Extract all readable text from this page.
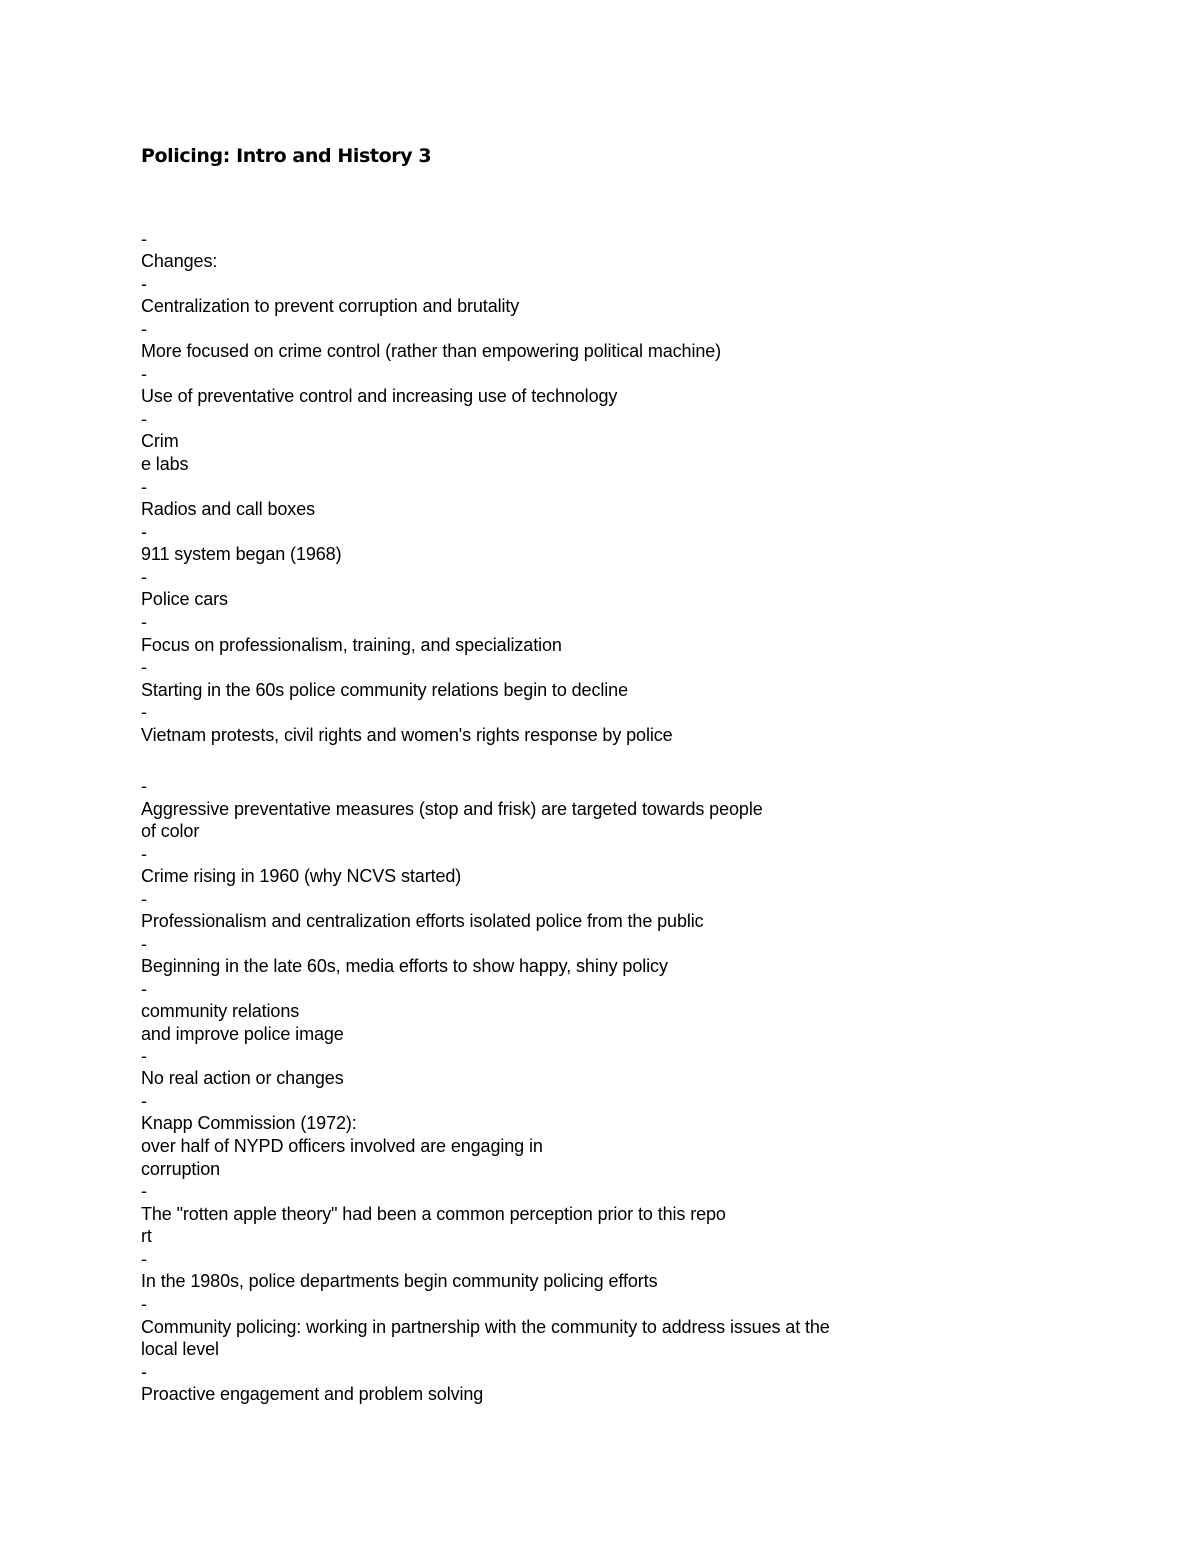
Policing: Intro and History 3
-
Changes:
-
Centralization to prevent corruption and brutality
-
More focused on crime control (rather than empowering political machine)
-
Use of preventative control and increasing use of technology
-
Crim
e labs
-
Radios and call boxes
-
911 system began (1968)
-
Police cars
-
Focus on professionalism, training, and specialization
-
Starting in the 60s police community relations begin to decline
-
Vietnam protests, civil rights and women's rights response by police
-
Aggressive preventative measures (stop and frisk) are targeted towards people
of color
-
Crime rising in 1960 (why NCVS started)
-
Professionalism and centralization efforts isolated police from the public
-
Beginning in the late 60s, media efforts to show happy, shiny policy
-
community relations
and improve police image
-
No real action or changes
-
Knapp Commission (1972):
over half of NYPD officers involved are engaging in
corruption
-
The "rotten apple theory" had been a common perception prior to this repo
rt
-
In the 1980s, police departments begin community policing efforts
-
Community policing: working in partnership with the community to address issues at the
local level
-
Proactive engagement and problem solving
